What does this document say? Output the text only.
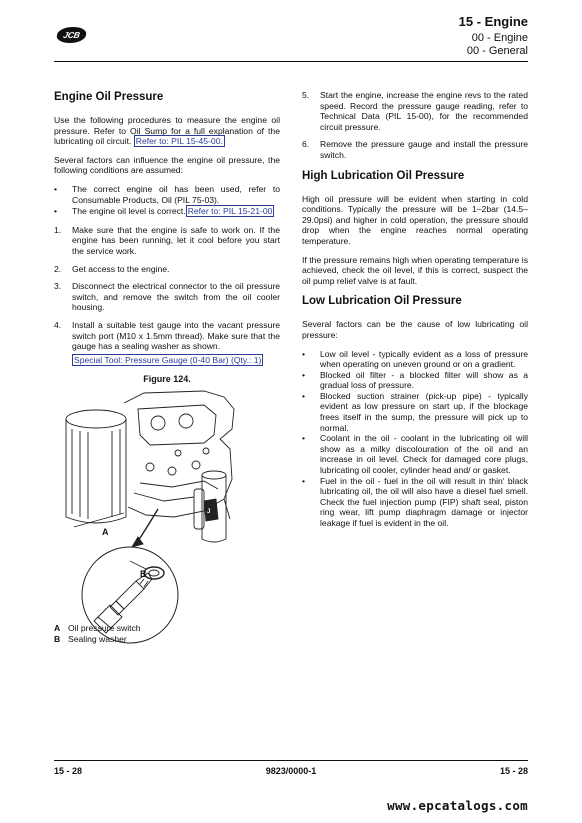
JCB
15 - Engine
00 - Engine
00 - General
Engine Oil Pressure

Use the following procedures to measure the engine oil pressure. Refer to Oil Sump for a full explanation of the lubricating oil circuit. Refer to: PIL 15-45-00.

Several factors can influence the engine oil pressure, the following conditions are assumed:

• The correct engine oil has been used, refer to Consumable Products, Oil (PIL 75-03).
• The engine oil level is correct. Refer to: PIL 15-21-00
1. Make sure that the engine is safe to work on. If the engine has been running, let it cool before you start the service work.
2. Get access to the engine.
3. Disconnect the electrical connector to the oil pressure switch, and remove the switch from the oil cooler housing.
4. Install a suitable test gauge into the vacant pressure switch port (M10 x 1.5mm thread). Make sure that the gauge has a sealing washer as shown.
Special Tool: Pressure Gauge (0-40 Bar) (Qty.: 1)
Figure 124.
J
A
B
A Oil pressure switch
B Sealing washer
5. Start the engine, increase the engine revs to the rated speed. Record the pressure gauge reading, refer to Technical Data (PIL 15-00), for the recommended circuit pressure.
6. Remove the pressure gauge and install the pressure switch.
High Lubrication Oil Pressure

High oil pressure will be evident when starting in cold conditions. Typically the pressure will be 1–2bar (14.5–29.0psi) and higher in cold operation, the pressure should drop when the engine reaches normal operating temperature.

If the pressure remains high when operating temperature is achieved, check the oil level, if this is correct, suspect the oil pump relief valve is at fault.

Low Lubrication Oil Pressure

Several factors can be the cause of low lubricating oil pressure:

• Low oil level - typically evident as a loss of pressure when operating on uneven ground or on a gradient.
• Blocked oil filter - a blocked filter will show as a gradual loss of pressure.
• Blocked suction strainer (pick-up pipe) - typically evident as low pressure on start up, if the blockage frees itself in the sump, the pressure will pick up to normal.
• Coolant in the oil - coolant in the lubricating oil will show as a milky discolouration of the oil and an increase in oil level. Check for damaged core plugs, lubricating oil cooler, cylinder head and/ or gasket.
• Fuel in the oil - fuel in the oil will result in thin' black lubricating oil, the oil will also have a diesel fuel smell. Check the fuel injection pump (FIP) shaft seal, piston ring wear, lift pump diaphragm damage or injector leakage if fuel is evident in the oil.
15 - 28	9823/0000-1	15 - 28
www.epcatalogs.com
